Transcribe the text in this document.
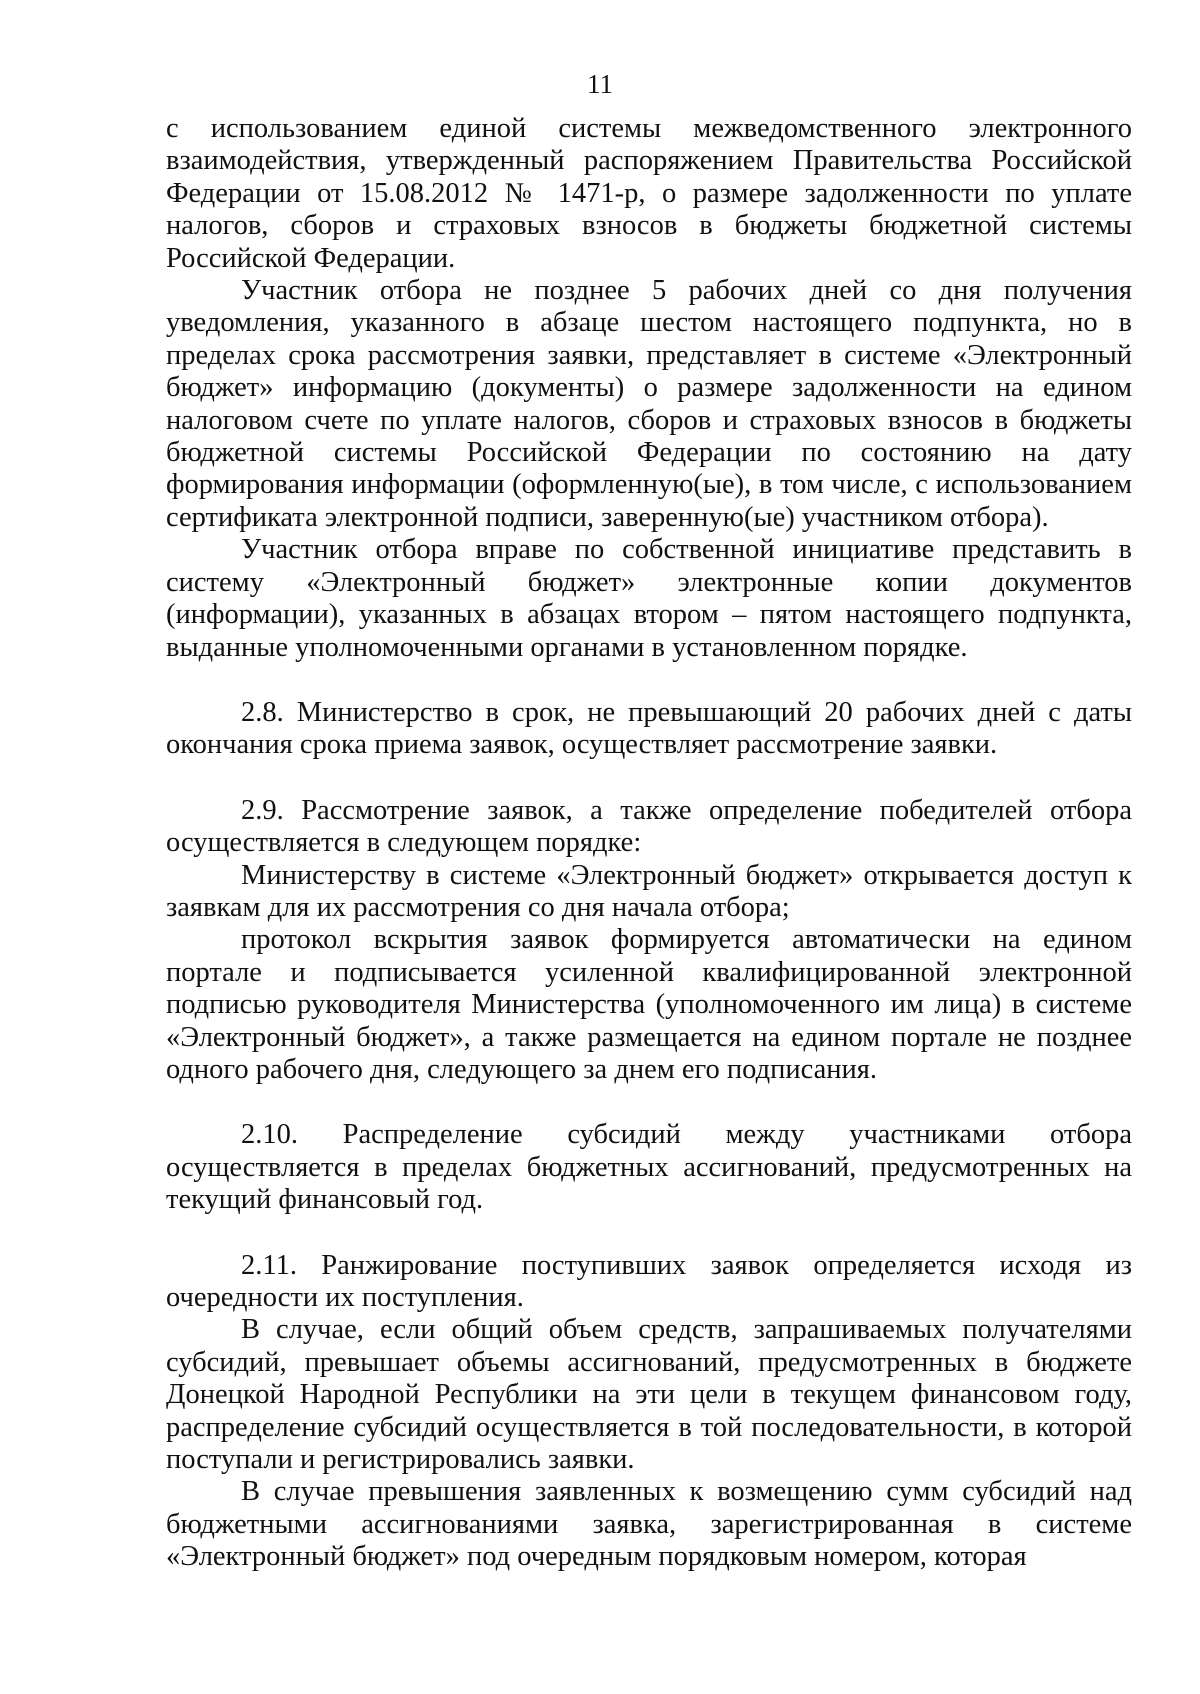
11

с использованием единой системы межведомственного электронного взаимодействия, утвержденный распоряжением Правительства Российской Федерации от 15.08.2012 № 1471-р, о размере задолженности по уплате налогов, сборов и страховых взносов в бюджеты бюджетной системы Российской Федерации.

Участник отбора не позднее 5 рабочих дней со дня получения уведомления, указанного в абзаце шестом настоящего подпункта, но в пределах срока рассмотрения заявки, представляет в системе «Электронный бюджет» информацию (документы) о размере задолженности на едином налоговом счете по уплате налогов, сборов и страховых взносов в бюджеты бюджетной системы Российской Федерации по состоянию на дату формирования информации (оформленную(ые), в том числе, с использованием сертификата электронной подписи, заверенную(ые) участником отбора).

Участник отбора вправе по собственной инициативе представить в систему «Электронный бюджет» электронные копии документов (информации), указанных в абзацах втором – пятом настоящего подпункта, выданные уполномоченными органами в установленном порядке.

2.8. Министерство в срок, не превышающий 20 рабочих дней с даты окончания срока приема заявок, осуществляет рассмотрение заявки.

2.9. Рассмотрение заявок, а также определение победителей отбора осуществляется в следующем порядке:

Министерству в системе «Электронный бюджет» открывается доступ к заявкам для их рассмотрения со дня начала отбора;

протокол вскрытия заявок формируется автоматически на едином портале и подписывается усиленной квалифицированной электронной подписью руководителя Министерства (уполномоченного им лица) в системе «Электронный бюджет», а также размещается на едином портале не позднее одного рабочего дня, следующего за днем его подписания.

2.10. Распределение субсидий между участниками отбора осуществляется в пределах бюджетных ассигнований, предусмотренных на текущий финансовый год.

2.11. Ранжирование поступивших заявок определяется исходя из очередности их поступления.

В случае, если общий объем средств, запрашиваемых получателями субсидий, превышает объемы ассигнований, предусмотренных в бюджете Донецкой Народной Республики на эти цели в текущем финансовом году, распределение субсидий осуществляется в той последовательности, в которой поступали и регистрировались заявки.

В случае превышения заявленных к возмещению сумм субсидий над бюджетными ассигнованиями заявка, зарегистрированная в системе «Электронный бюджет» под очередным порядковым номером, которая
